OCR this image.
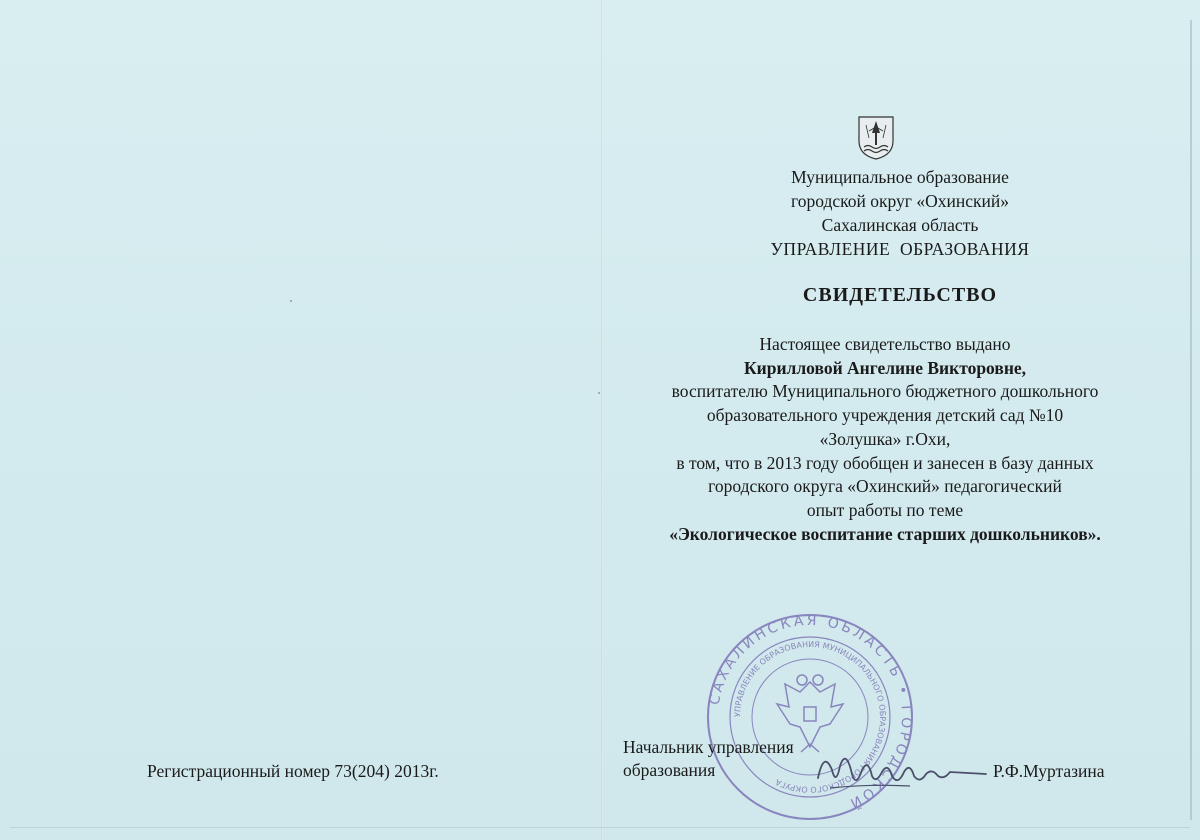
Муниципальное образование
городской округ «Охинский»
Сахалинская область
УПРАВЛЕНИЕ  ОБРАЗОВАНИЯ
СВИДЕТЕЛЬСТВО
Настоящее свидетельство выдано
Кирилловой Ангелине Викторовне,
воспитателю Муниципального бюджетного дошкольного
образовательного учреждения детский сад №10
«Золушка» г.Охи,
в том, что в 2013 году обобщен и занесен в базу данных
городского округа «Охинский» педагогический
опыт работы по теме
«Экологическое воспитание старших дошкольников».
Регистрационный номер 73(204) 2013г.
САХАЛИНСКАЯ ОБЛАСТЬ • ГОРОДСКОЙ
УПРАВЛЕНИЕ ОБРАЗОВАНИЯ МУНИЦИПАЛЬНОГО ОБРАЗОВАНИЯ ГОРОДСКОГО ОКРУГА
Начальник управления
образования	Р.Ф.Муртазина
